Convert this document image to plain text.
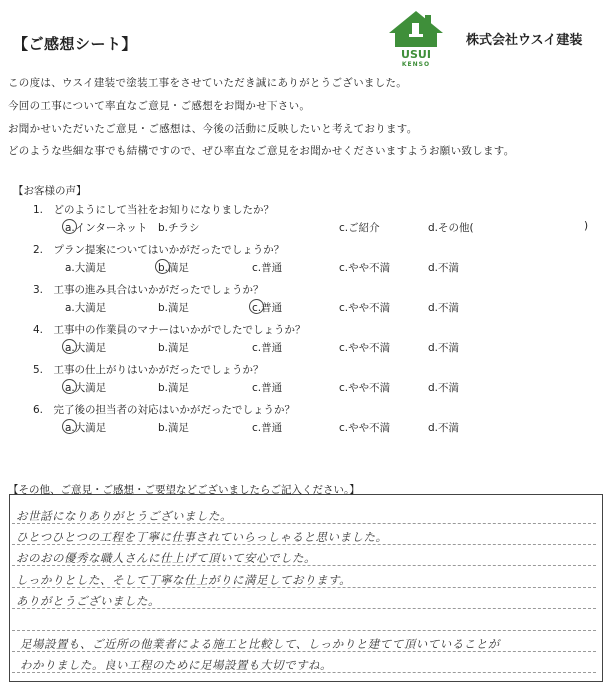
【ご感想シート】
USUI
KENSO
株式会社ウスイ建装
この度は、ウスイ建装で塗装工事をさせていただき誠にありがとうございました。
今回の工事について率直なご意見・ご感想をお聞かせ下さい。
お聞かせいただいたご意見・ご感想は、今後の活動に反映したいと考えております。
どのような些細な事でも結構ですので、ぜひ率直なご意見をお聞かせくださいますようお願い致します。
【お客様の声】
1.　どのようにして当社をお知りになりましたか？
a.インターネット b.チラシ	c.ご紹介	d.その他(	)
2.　プラン提案についてはいかがだったでしょうか？
a.大満足	b.満足	c.普通	c.やや不満	d.不満
3.　工事の進み具合はいかがだったでしょうか？
a.大満足	b.満足	c.普通	c.やや不満	d.不満
4.　工事中の作業員のマナーはいかがでしたでしょうか？
a.大満足	b.満足	c.普通	c.やや不満	d.不満
5.　工事の仕上がりはいかがだったでしょうか？
a.大満足	b.満足	c.普通	c.やや不満	d.不満
6.　完了後の担当者の対応はいかがだったでしょうか？
a.大満足	b.満足	c.普通	c.やや不満	d.不満
【その他、ご意見・ご感想・ご要望などございましたらご記入ください。】
お世話になりありがとうございました。
ひとつひとつの工程を丁寧に仕事されていらっしゃると思いました。
おのおの優秀な職人さんに仕上げて頂いて安心でした。
しっかりとした、そして丁寧な仕上がりに満足しております。
ありがとうございました。
足場設置も、ご近所の他業者による施工と比較して、しっかりと建てて頂いていることが
わかりました。良い工程のために足場設置も大切ですね。
